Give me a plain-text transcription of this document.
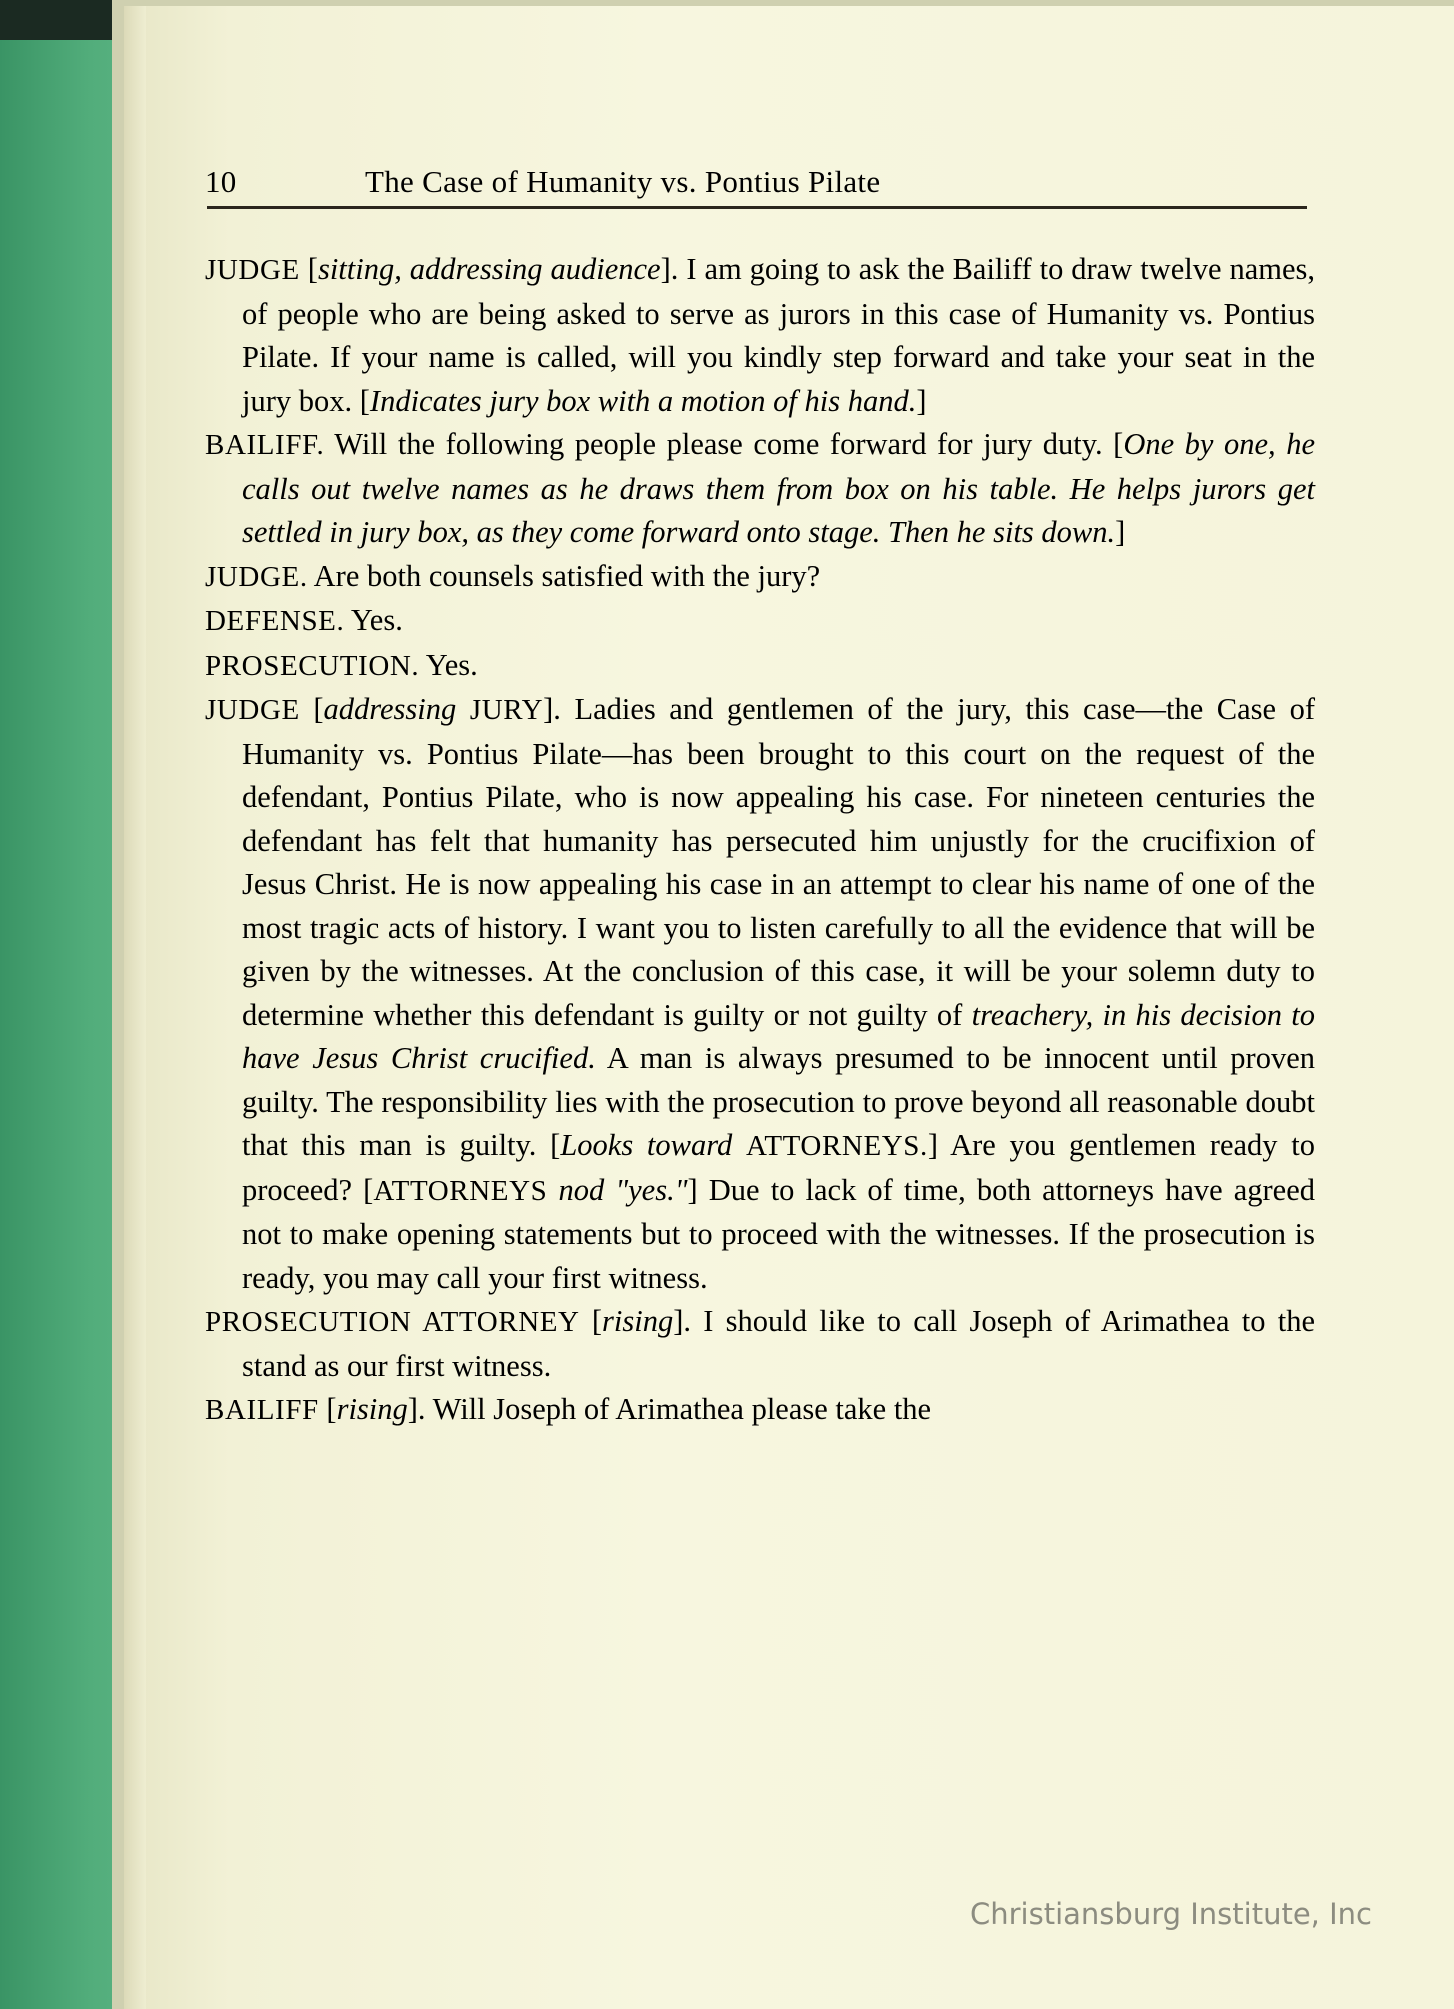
10	The Case of Humanity vs. Pontius Pilate
JUDGE [sitting, addressing audience]. I am going to ask the Bailiff to draw twelve names, of people who are being asked to serve as jurors in this case of Humanity vs. Pontius Pilate. If your name is called, will you kindly step forward and take your seat in the jury box. [Indicates jury box with a motion of his hand.]
BAILIFF. Will the following people please come forward for jury duty. [One by one, he calls out twelve names as he draws them from box on his table. He helps jurors get settled in jury box, as they come forward onto stage. Then he sits down.]
JUDGE. Are both counsels satisfied with the jury?
DEFENSE. Yes.
PROSECUTION. Yes.
JUDGE [addressing JURY]. Ladies and gentlemen of the jury, this case—the Case of Humanity vs. Pontius Pilate—has been brought to this court on the request of the defendant, Pontius Pilate, who is now appealing his case. For nineteen centuries the defendant has felt that humanity has persecuted him unjustly for the crucifixion of Jesus Christ. He is now appealing his case in an attempt to clear his name of one of the most tragic acts of history. I want you to listen carefully to all the evidence that will be given by the witnesses. At the conclusion of this case, it will be your solemn duty to determine whether this defendant is guilty or not guilty of treachery, in his decision to have Jesus Christ crucified. A man is always presumed to be innocent until proven guilty. The responsibility lies with the prosecution to prove beyond all reasonable doubt that this man is guilty. [Looks toward ATTORNEYS.] Are you gentlemen ready to proceed? [ATTORNEYS nod "yes."] Due to lack of time, both attorneys have agreed not to make opening statements but to proceed with the witnesses. If the prosecution is ready, you may call your first witness.
PROSECUTION ATTORNEY [rising]. I should like to call Joseph of Arimathea to the stand as our first witness.
BAILIFF [rising]. Will Joseph of Arimathea please take the
Christiansburg Institute, Inc
